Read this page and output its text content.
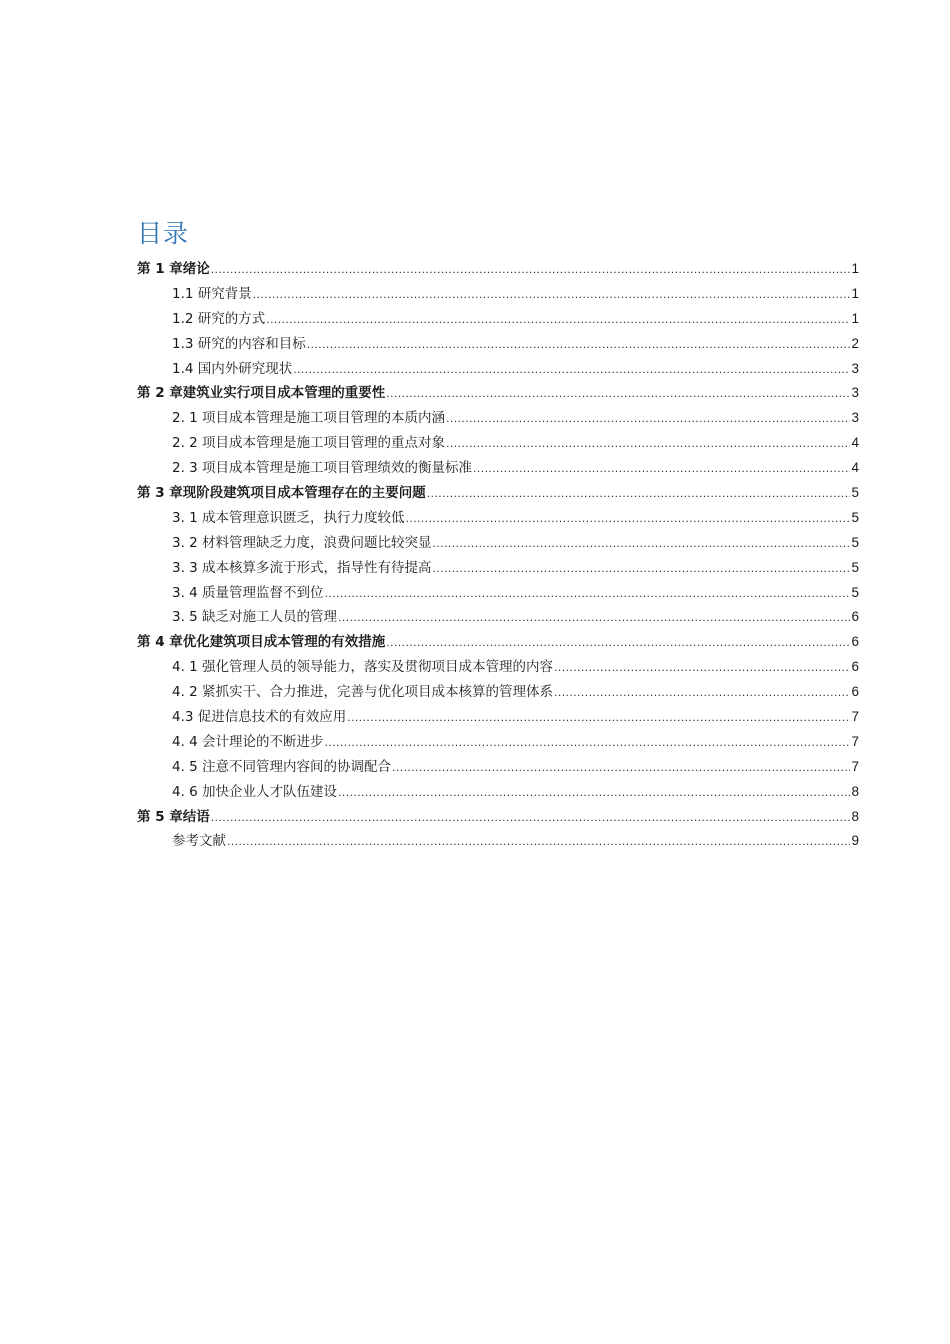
目录
第 1 章绪论 .....	1
1.1 研究背景 .....	1
1.2 研究的方式 .....	1
1.3 研究的内容和目标 .....	2
1.4 国内外研究现状 .....	3
第 2 章建筑业实行项目成本管理的重要性 .....	3
2. 1 项目成本管理是施工项目管理的本质内涵 .....	3
2. 2 项目成本管理是施工项目管理的重点对象 .....	4
2. 3 项目成本管理是施工项目管理绩效的衡量标准 .....	4
第 3 章现阶段建筑项目成本管理存在的主要问题 .....	5
3. 1 成本管理意识匮乏，执行力度较低 .....	5
3. 2 材料管理缺乏力度，浪费问题比较突显 .....	5
3. 3 成本核算多流于形式，指导性有待提高 .....	5
3. 4 质量管理监督不到位 .....	5
3. 5 缺乏对施工人员的管理 .....	6
第 4 章优化建筑项目成本管理的有效措施 .....	6
4. 1 强化管理人员的领导能力，落实及贯彻项目成本管理的内容 .....	6
4. 2 紧抓实干、合力推进，完善与优化项目成本核算的管理体系 .....	6
4.3 促进信息技术的有效应用 .....	7
4. 4 会计理论的不断进步 .....	7
4. 5 注意不同管理内容间的协调配合 .....	7
4. 6 加快企业人才队伍建设 .....	8
第 5 章结语 .....	8
参考文献 .....	9
